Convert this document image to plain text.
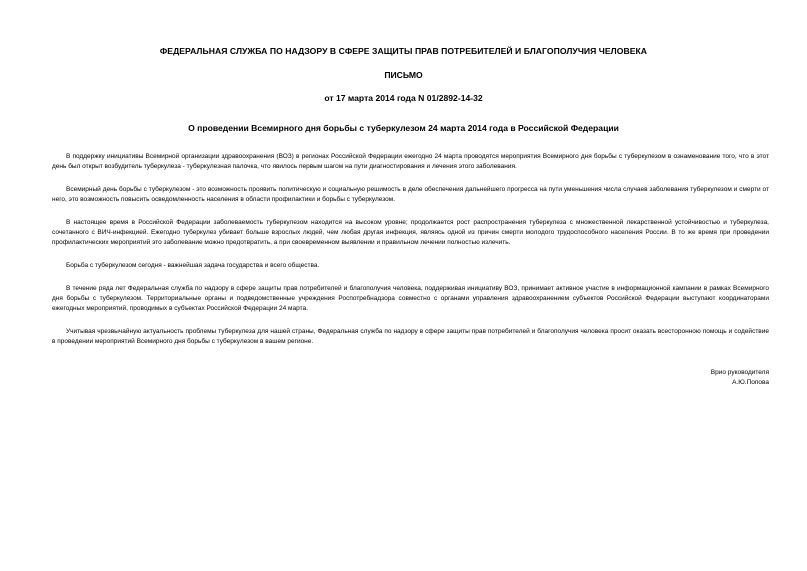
ФЕДЕРАЛЬНАЯ СЛУЖБА ПО НАДЗОРУ В СФЕРЕ ЗАЩИТЫ ПРАВ ПОТРЕБИТЕЛЕЙ И БЛАГОПОЛУЧИЯ ЧЕЛОВЕКА
ПИСЬМО
от 17 марта 2014 года N 01/2892-14-32
О проведении Всемирного дня борьбы с туберкулезом 24 марта 2014 года в Российской Федерации

В поддержку инициативы Всемирной организации здравоохранения (ВОЗ) в регионах Российской Федерации ежегодно 24 марта проводятся мероприятия Всемирного дня борьбы с туберкулезом в ознаменование того, что в этот день был открыт возбудитель туберкулеза - туберкулезная палочка, что явилось первым шагом на пути диагностирования и лечения этого заболевания.

Всемирный день борьбы с туберкулезом - это возможность проявить политическую и социальную решимость в деле обеспечения дальнейшего прогресса на пути уменьшения числа случаев заболевания туберкулезом и смерти от него, это возможность повысить осведомленность населения в области профилактики и борьбы с туберкулезом.

В настоящее время в Российской Федерации заболеваемость туберкулезом находится на высоком уровне; продолжается рост распространения туберкулеза с множественной лекарственной устойчивостью и туберкулеза, сочетанного с ВИЧ-инфекцией. Ежегодно туберкулез убивает больше взрослых людей, чем любая другая инфекция, являясь одной из причин смерти молодого трудоспособного населения России. В то же время при проведении профилактических мероприятий это заболевание можно предотвратить, а при своевременном выявлении и правильном лечении полностью излечить.

Борьба с туберкулезом сегодня - важнейшая задача государства и всего общества.

В течение ряда лет Федеральная служба по надзору в сфере защиты прав потребителей и благополучия человека, поддерживая инициативу ВОЗ, принимает активное участие в информационной кампании в рамках Всемирного дня борьбы с туберкулезом. Территориальные органы и подведомственные учреждения Роспотребнадзора совместно с органами управления здравоохранением субъектов Российской Федерации выступают координаторами ежегодных мероприятий, проводимых в субъектах Российской Федерации 24 марта.

Учитывая чрезвычайную актуальность проблемы туберкулеза для нашей страны, Федеральная служба по надзору в сфере защиты прав потребителей и благополучия человека просит оказать всесторонною помощь и содействие в проведении мероприятий Всемирного дня борьбы с туберкулезом в вашем регионе.

Врио руководителя
А.Ю.Попова
